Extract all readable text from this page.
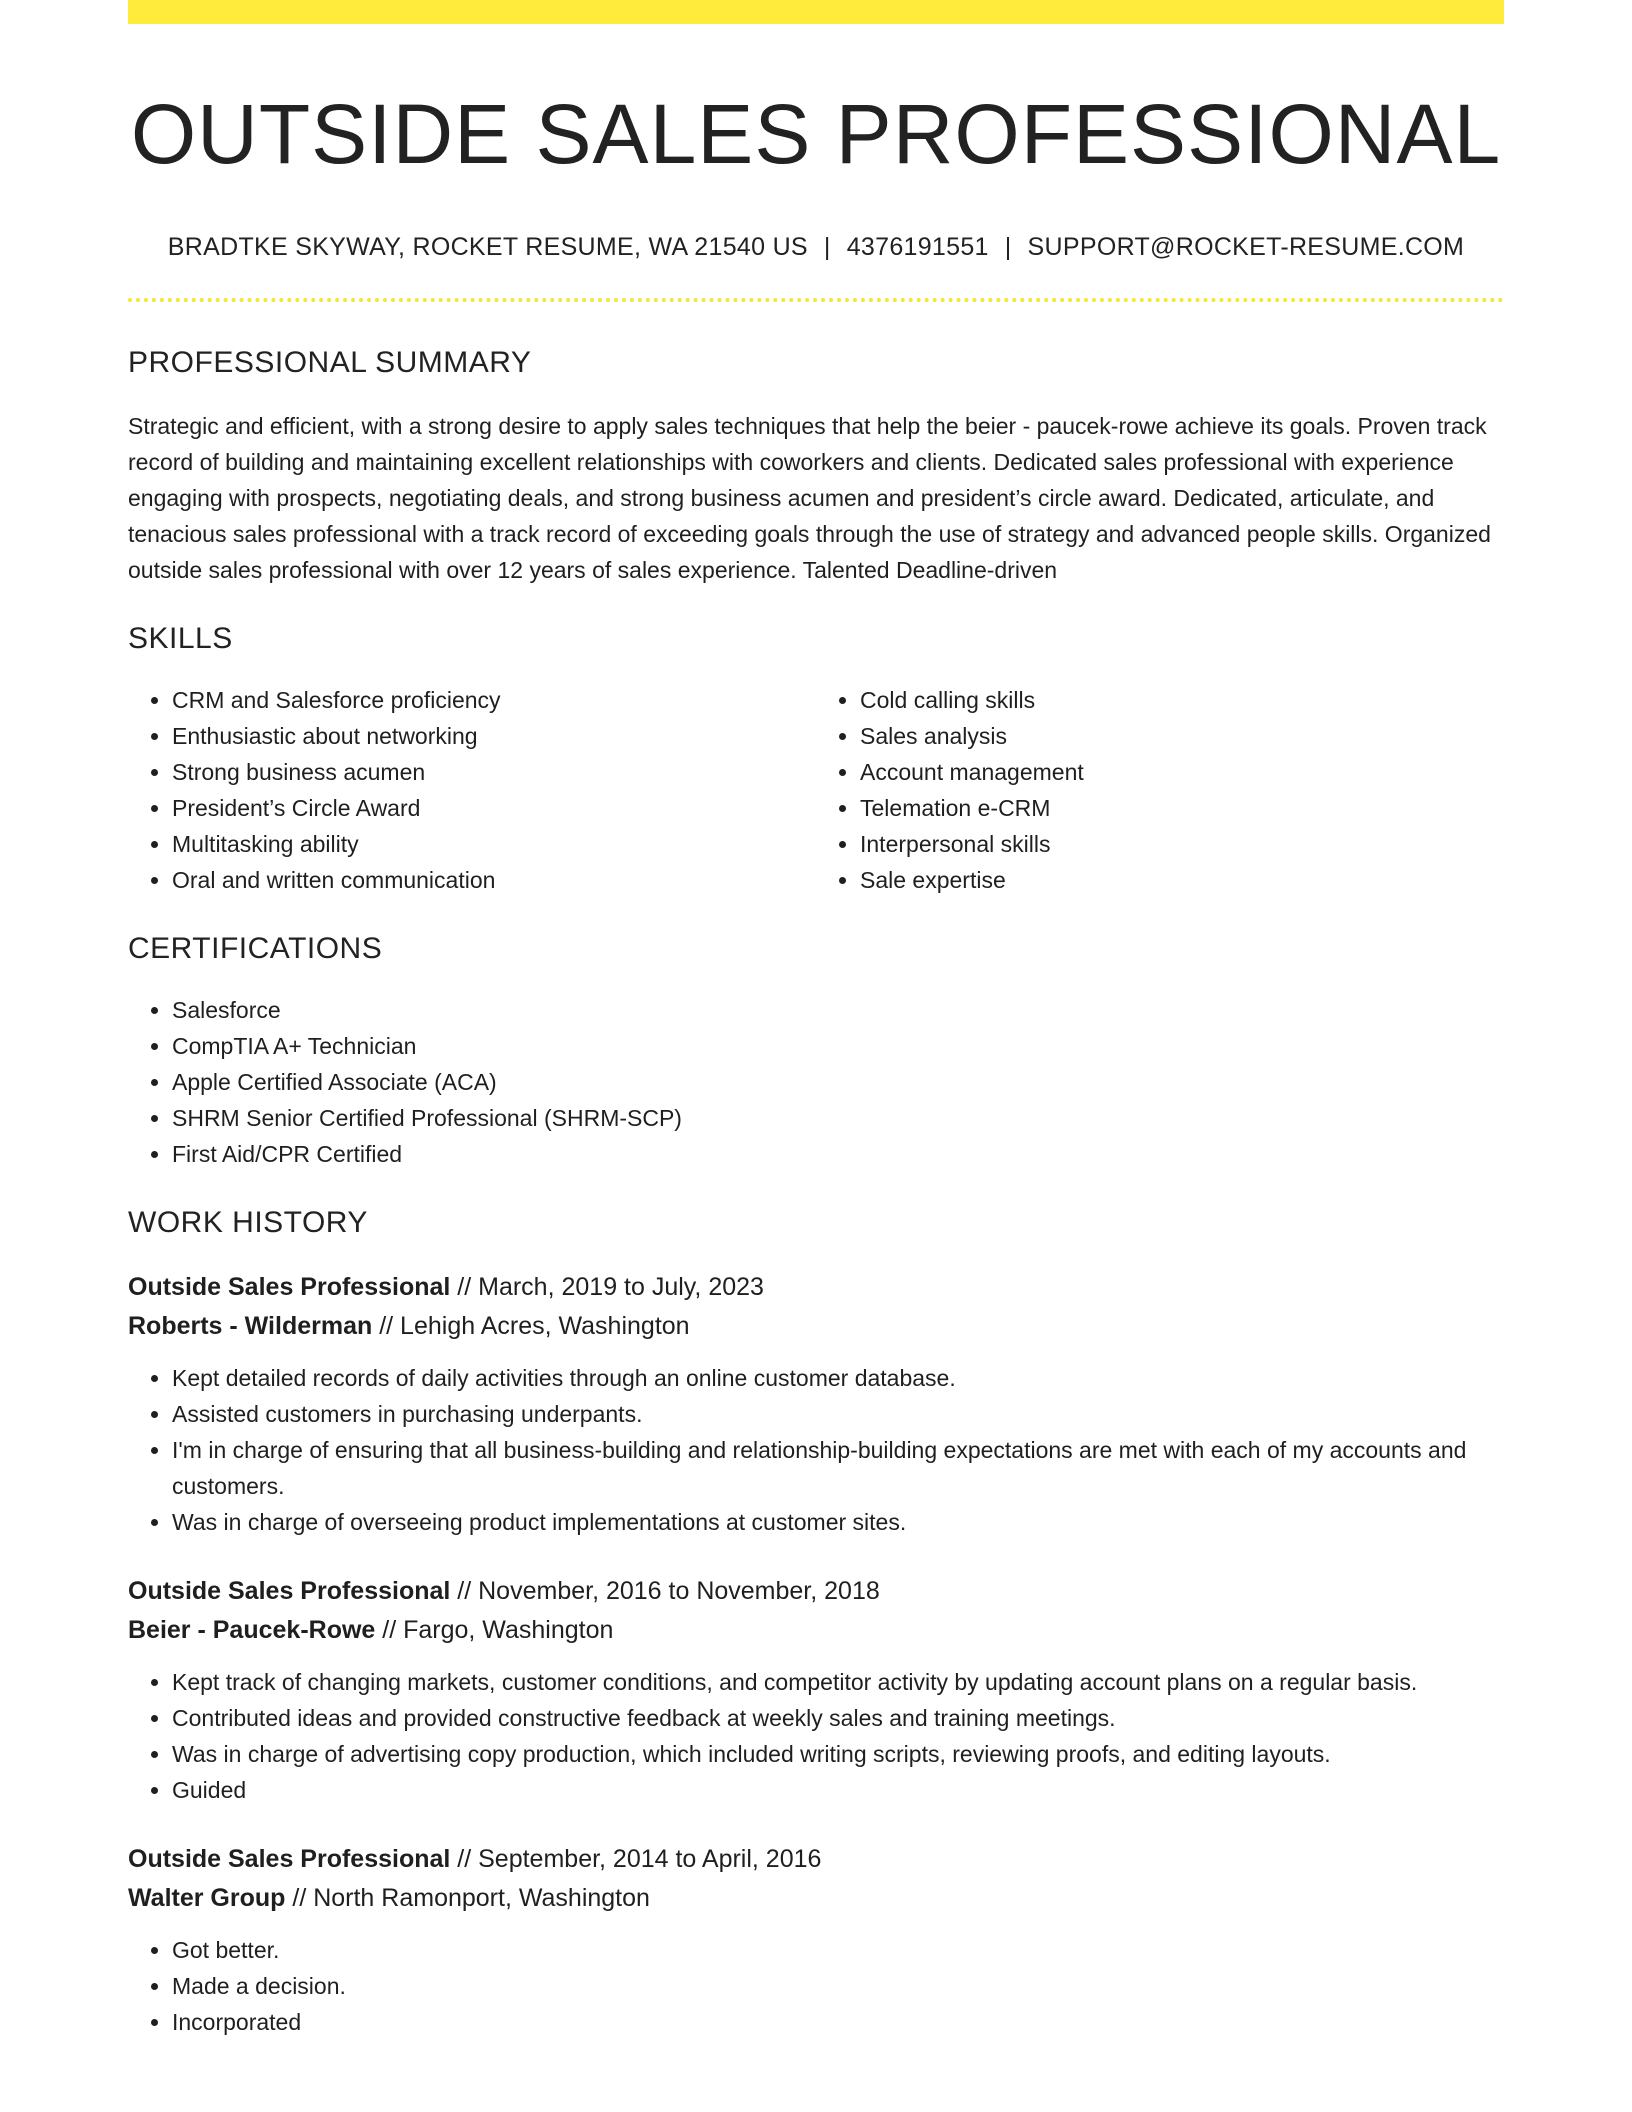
OUTSIDE SALES PROFESSIONAL
BRADTKE SKYWAY, ROCKET RESUME, WA 21540 US | 4376191551 | SUPPORT@ROCKET-RESUME.COM
PROFESSIONAL SUMMARY
Strategic and efficient, with a strong desire to apply sales techniques that help the beier - paucek-rowe achieve its goals. Proven track record of building and maintaining excellent relationships with coworkers and clients. Dedicated sales professional with experience engaging with prospects, negotiating deals, and strong business acumen and president’s circle award. Dedicated, articulate, and tenacious sales professional with a track record of exceeding goals through the use of strategy and advanced people skills. Organized outside sales professional with over 12 years of sales experience. Talented Deadline-driven
SKILLS
• CRM and Salesforce proficiency
• Enthusiastic about networking
• Strong business acumen
• President’s Circle Award
• Multitasking ability
• Oral and written communication
• Cold calling skills
• Sales analysis
• Account management
• Telemation e-CRM
• Interpersonal skills
• Sale expertise
CERTIFICATIONS
• Salesforce
• CompTIA A+ Technician
• Apple Certified Associate (ACA)
• SHRM Senior Certified Professional (SHRM-SCP)
• First Aid/CPR Certified
WORK HISTORY
Outside Sales Professional // March, 2019 to July, 2023
Roberts - Wilderman // Lehigh Acres, Washington
• Kept detailed records of daily activities through an online customer database.
• Assisted customers in purchasing underpants.
• I'm in charge of ensuring that all business-building and relationship-building expectations are met with each of my accounts and customers.
• Was in charge of overseeing product implementations at customer sites.
Outside Sales Professional // November, 2016 to November, 2018
Beier - Paucek-Rowe // Fargo, Washington
• Kept track of changing markets, customer conditions, and competitor activity by updating account plans on a regular basis.
• Contributed ideas and provided constructive feedback at weekly sales and training meetings.
• Was in charge of advertising copy production, which included writing scripts, reviewing proofs, and editing layouts.
• Guided
Outside Sales Professional // September, 2014 to April, 2016
Walter Group // North Ramonport, Washington
• Got better.
• Made a decision.
• Incorporated
